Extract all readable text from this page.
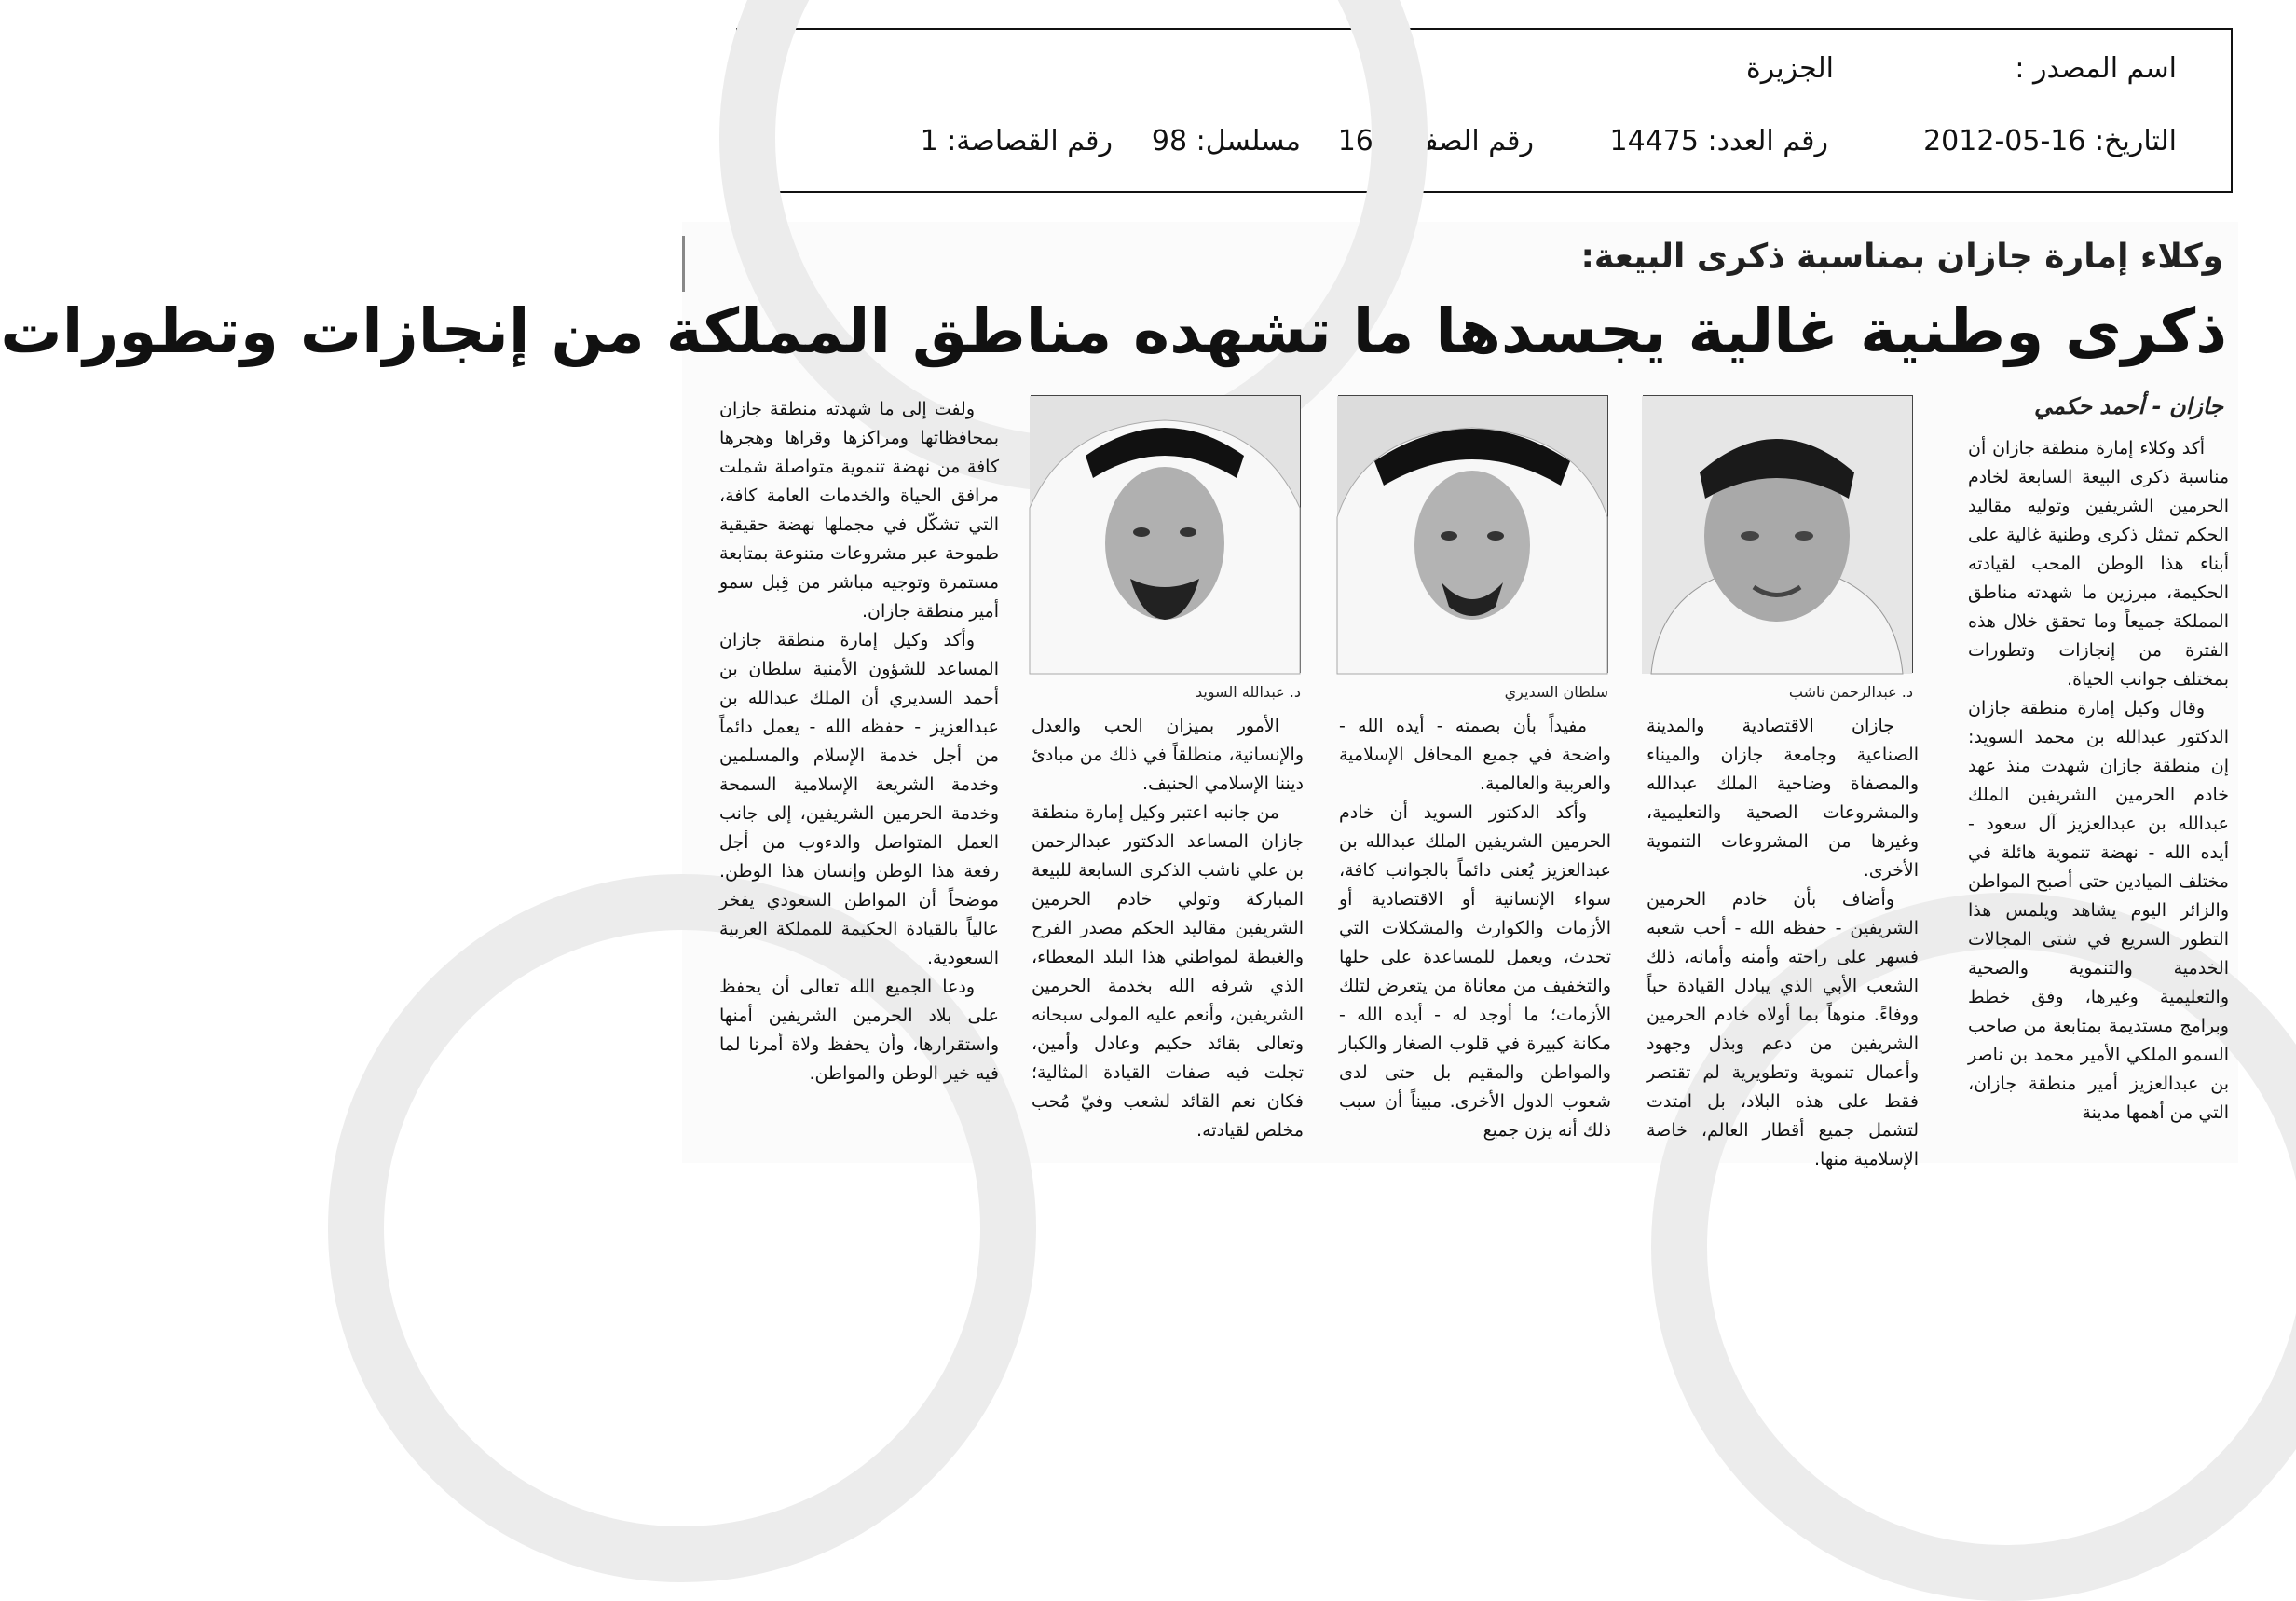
اسم المصدر :
الجزيرة
التاريخ: 16-05-2012
رقم العدد: 14475
رقم الصفحة: 16
مسلسل: 98
رقم القصاصة: 1
وكلاء إمارة جازان بمناسبة ذكرى البيعة:
ذكرى وطنية غالية يجسدها ما تشهده مناطق المملكة من إنجازات وتطورات
جازان - أحمد حكمي
د. عبدالرحمن ناشب
سلطان السديري
د. عبدالله السويد

أكد وكلاء إمارة منطقة جازان أن مناسبة ذكرى البيعة السابعة لخادم الحرمين الشريفين وتوليه مقاليد الحكم تمثل ذكرى وطنية غالية على أبناء هذا الوطن المحب لقيادته الحكيمة، مبرزين ما شهدته مناطق المملكة جميعاً وما تحقق خلال هذه الفترة من إنجازات وتطورات بمختلف جوانب الحياة.

وقال وكيل إمارة منطقة جازان الدكتور عبدالله بن محمد السويد: إن منطقة جازان شهدت منذ عهد خادم الحرمين الشريفين الملك عبدالله بن عبدالعزيز آل سعود - أيده الله - نهضة تنموية هائلة في مختلف الميادين حتى أصبح المواطن والزائر اليوم يشاهد ويلمس هذا التطور السريع في شتى المجالات الخدمية والتنموية والصحية والتعليمية وغيرها، وفق خطط وبرامج مستديمة بمتابعة من صاحب السمو الملكي الأمير محمد بن ناصر بن عبدالعزيز أمير منطقة جازان، التي من أهمها مدينة

جازان الاقتصادية والمدينة الصناعية وجامعة جازان والميناء والمصفاة وضاحية الملك عبدالله والمشروعات الصحية والتعليمية، وغيرها من المشروعات التنموية الأخرى.

وأضاف بأن خادم الحرمين الشريفين - حفظه الله - أحب شعبه فسهر على راحته وأمنه وأمانه، ذلك الشعب الأبي الذي يبادل القيادة حباً ووفاءً. منوهاً بما أولاه خادم الحرمين الشريفين من دعم وبذل وجهود وأعمال تنموية وتطويرية لم تقتصر فقط على هذه البلاد، بل امتدت لتشمل جميع أقطار العالم، خاصة الإسلامية منها.

مفيداً بأن بصمته - أيده الله - واضحة في جميع المحافل الإسلامية والعربية والعالمية.

وأكد الدكتور السويد أن خادم الحرمين الشريفين الملك عبدالله بن عبدالعزيز يُعنى دائماً بالجوانب كافة، سواء الإنسانية أو الاقتصادية أو الأزمات والكوارث والمشكلات التي تحدث، ويعمل للمساعدة على حلها والتخفيف من معاناة من يتعرض لتلك الأزمات؛ ما أوجد له - أيده الله - مكانة كبيرة في قلوب الصغار والكبار والمواطن والمقيم بل حتى لدى شعوب الدول الأخرى. مبيناً أن سبب ذلك أنه يزن جميع

الأمور بميزان الحب والعدل والإنسانية، منطلقاً في ذلك من مبادئ ديننا الإسلامي الحنيف.

من جانبه اعتبر وكيل إمارة منطقة جازان المساعد الدكتور عبدالرحمن بن علي ناشب الذكرى السابعة للبيعة المباركة وتولي خادم الحرمين الشريفين مقاليد الحكم مصدر الفرح والغبطة لمواطني هذا البلد المعطاء، الذي شرفه الله بخدمة الحرمين الشريفين، وأنعم عليه المولى سبحانه وتعالى بقائد حكيم وعادل وأمين، تجلت فيه صفات القيادة المثالية؛ فكان نعم القائد لشعب وفيّ مُحب مخلص لقيادته.

ولفت إلى ما شهدته منطقة جازان بمحافظاتها ومراكزها وقراها وهجرها كافة من نهضة تنموية متواصلة شملت مرافق الحياة والخدمات العامة كافة، التي تشكّل في مجملها نهضة حقيقية طموحة عبر مشروعات متنوعة بمتابعة مستمرة وتوجيه مباشر من قِبل سمو أمير منطقة جازان.

وأكد وكيل إمارة منطقة جازان المساعد للشؤون الأمنية سلطان بن أحمد السديري أن الملك عبدالله بن عبدالعزيز - حفظه الله - يعمل دائماً من أجل خدمة الإسلام والمسلمين وخدمة الشريعة الإسلامية السمحة وخدمة الحرمين الشريفين، إلى جانب العمل المتواصل والدءوب من أجل رفعة هذا الوطن وإنسان هذا الوطن. موضحاً أن المواطن السعودي يفخر عالياً بالقيادة الحكيمة للمملكة العربية السعودية.

ودعا الجميع الله تعالى أن يحفظ على بلاد الحرمين الشريفين أمنها واستقرارها، وأن يحفظ ولاة أمرنا لما فيه خير الوطن والمواطن.
